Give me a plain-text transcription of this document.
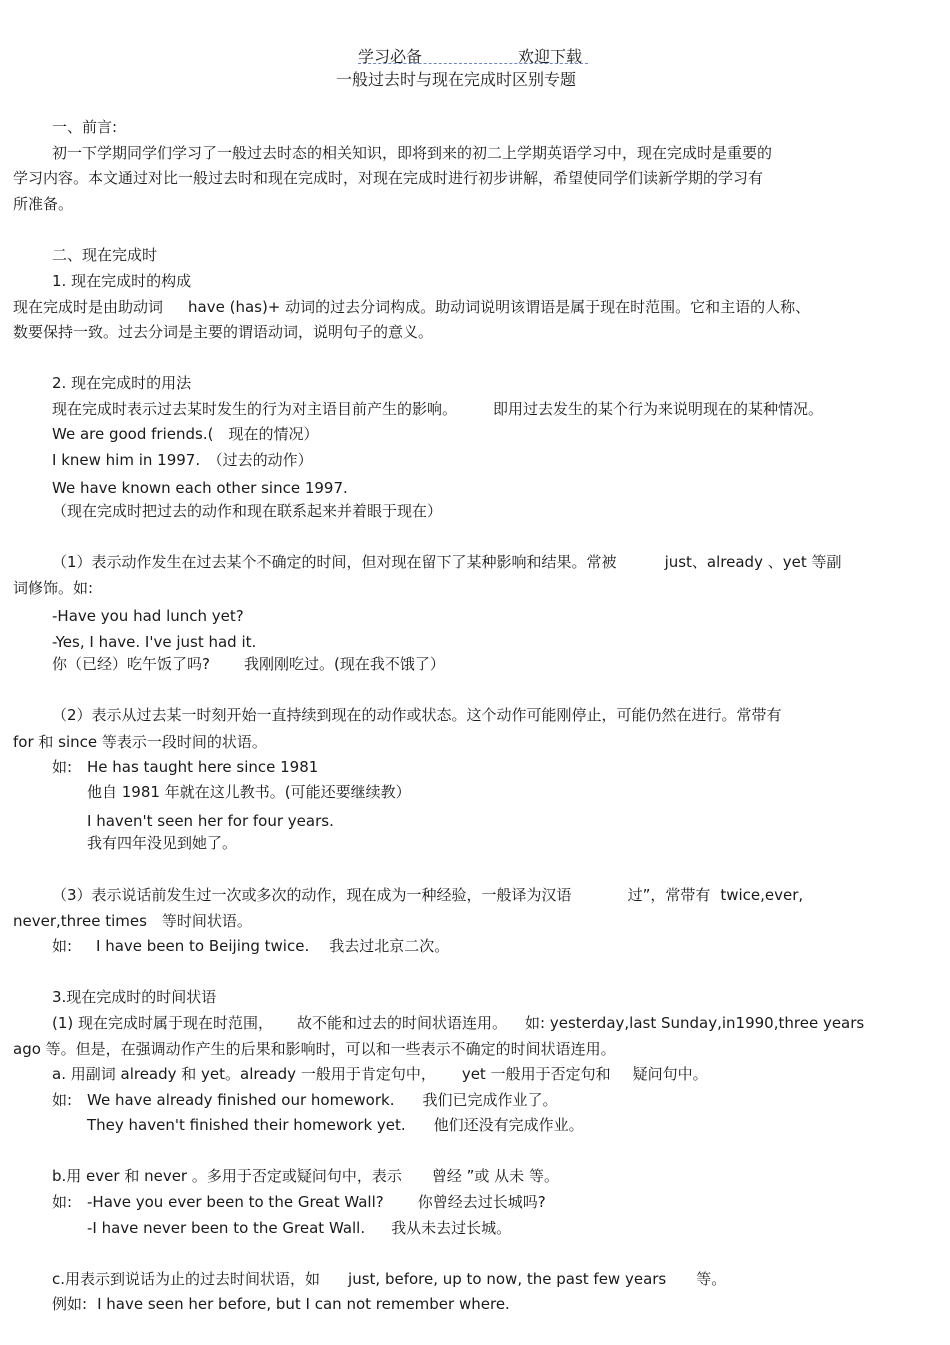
学习必备	欢迎下载
一般过去时与现在完成时区别专题
一、前言:
初一下学期同学们学习了一般过去时态的相关知识，即将到来的初二上学期英语学习中，现在完成时是重要的
学习内容。本文通过对比一般过去时和现在完成时，对现在完成时进行初步讲解，希望使同学们读新学期的学习有
所准备。
二、现在完成时
1. 现在完成时的构成
现在完成时是由助动词 have (has)+ 动词的过去分词构成。助动词说明该谓语是属于现在时范围。它和主语的人称、
数要保持一致。过去分词是主要的谓语动词，说明句子的意义。
2. 现在完成时的用法
现在完成时表示过去某时发生的行为对主语目前产生的影响。 即用过去发生的某个行为来说明现在的某种情况。
We are good friends.(　现在的情况）
I knew him in 1997.　（过去的动作）
We have known each other since 1997.
（现在完成时把过去的动作和现在联系起来并着眼于现在）
（1）表示动作发生在过去某个不确定的时间，但对现在留下了某种影响和结果。常被	just、already 、yet 等副
词修饰。如:
-Have you had lunch yet?
-Yes, I have. I've just had it.
你（已经）吃午饭了吗? 我刚刚吃过。(现在我不饿了）
（2）表示从过去某一时刻开始一直持续到现在的动作或状态。这个动作可能刚停止，可能仍然在进行。常带有
for 和 since 等表示一段时间的状语。
如: He has taught here since 1981
他自 1981 年就在这儿教书。(可能还要继续教）
I haven't seen her for four years.
我有四年没见到她了。
（3）表示说话前发生过一次或多次的动作，现在成为一种经验，一般译为汉语	过”，常带有 twice,ever,
never,three times　等时间状语。
如: I have been to Beijing twice. 我去过北京二次。
3.现在完成时的时间状语
(1) 现在完成时属于现在时范围， 故不能和过去的时间状语连用。 如: yesterday,last Sunday,in1990,three years
ago 等。但是，在强调动作产生的后果和影响时，可以和一些表示不确定的时间状语连用。
a. 用副词 already 和 yet。already 一般用于肯定句中， yet 一般用于否定句和 疑问句中。
如: We have already finished our homework. 我们已完成作业了。
They haven't finished their homework yet. 他们还没有完成作业。
b.用 ever 和 never 。多用于否定或疑问句中，表示 曾经 ”或 从未 等。
如: -Have you ever been to the Great Wall? 你曾经去过长城吗?
-I have never been to the Great Wall. 我从未去过长城。
c.用表示到说话为止的过去时间状语，如 just, before, up to now, the past few years 等。
例如: I have seen her before, but I can not remember where.
